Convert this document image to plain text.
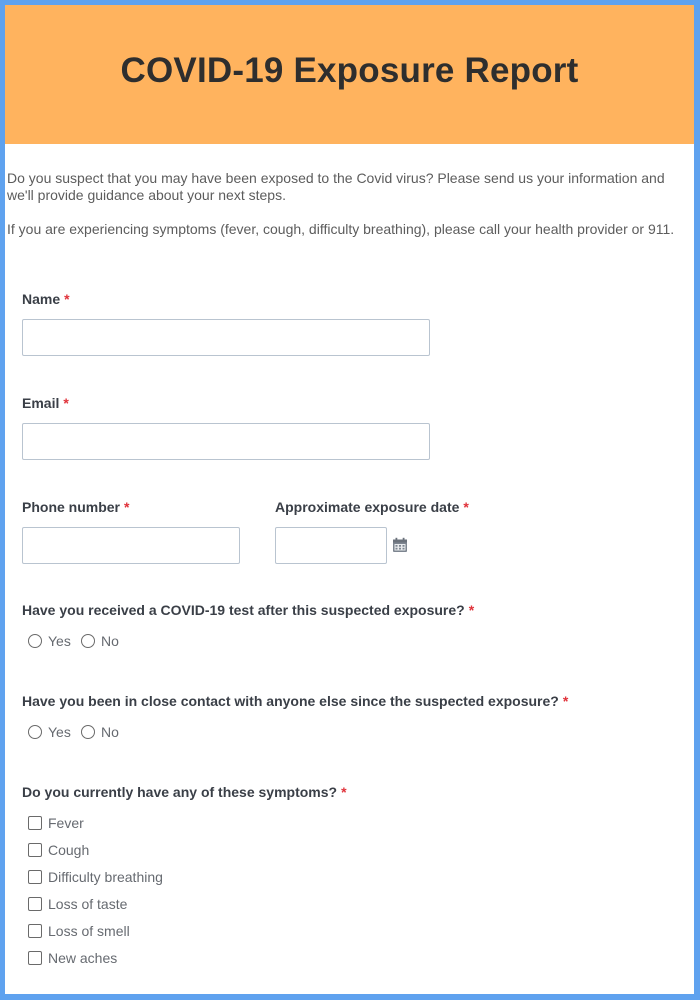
COVID-19 Exposure Report

Do you suspect that you may have been exposed to the Covid virus? Please send us your information and we'll provide guidance about your next steps.

If you are experiencing symptoms (fever, cough, difficulty breathing), please call your health provider or 911.

Name *
Email *
Phone number *	Approximate exposure date *
Have you received a COVID-19 test after this suspected exposure? *
Yes No
Have you been in close contact with anyone else since the suspected exposure? *
Yes No
Do you currently have any of these symptoms? *
Fever
Cough
Difficulty breathing
Loss of taste
Loss of smell
New aches
